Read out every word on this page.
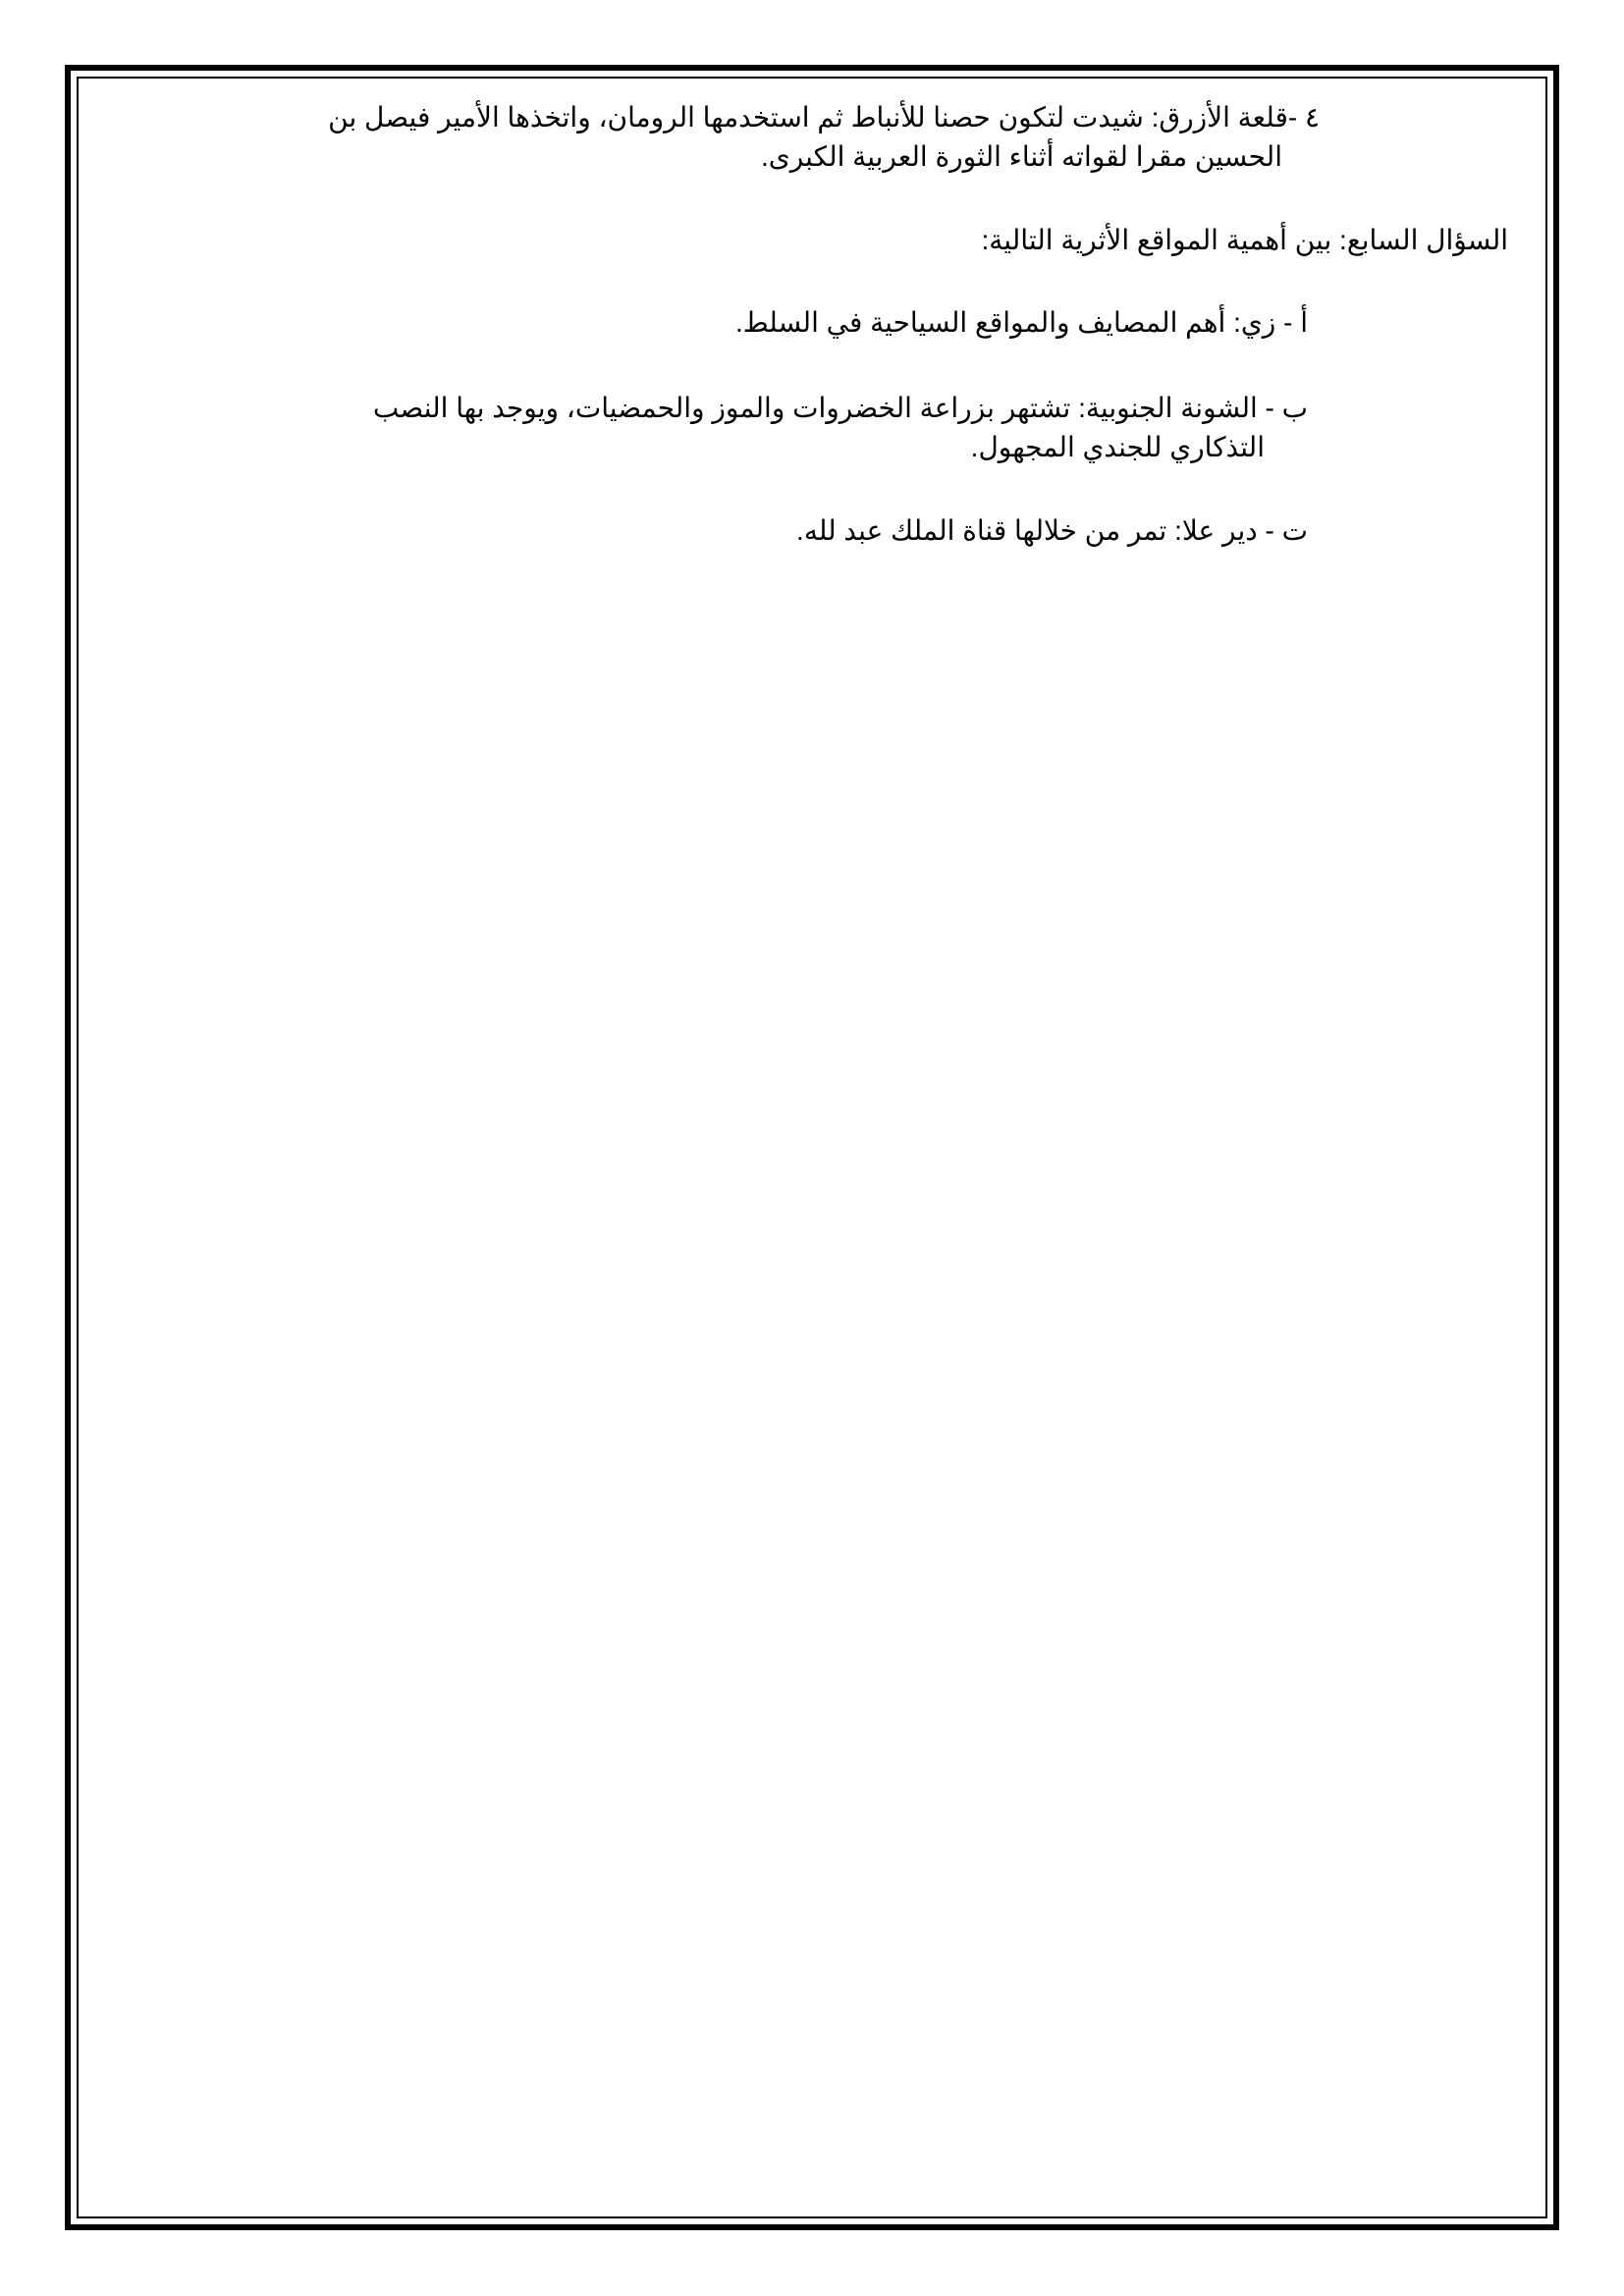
٤ -قلعة الأزرق: شيدت لتكون حصنا للأنباط ثم استخدمها الرومان، واتخذها الأمير فيصل بن
الحسين مقرا لقواته أثناء الثورة العربية الكبرى.
السؤال السابع: بين أهمية المواقع الأثرية التالية:
أ - زي: أهم المصايف والمواقع السياحية في السلط.
ب - الشونة الجنوبية: تشتهر بزراعة الخضروات والموز والحمضيات، ويوجد بها النصب
التذكاري للجندي المجهول.
ت - دير علا: تمر من خلالها قناة الملك عبد لله.
